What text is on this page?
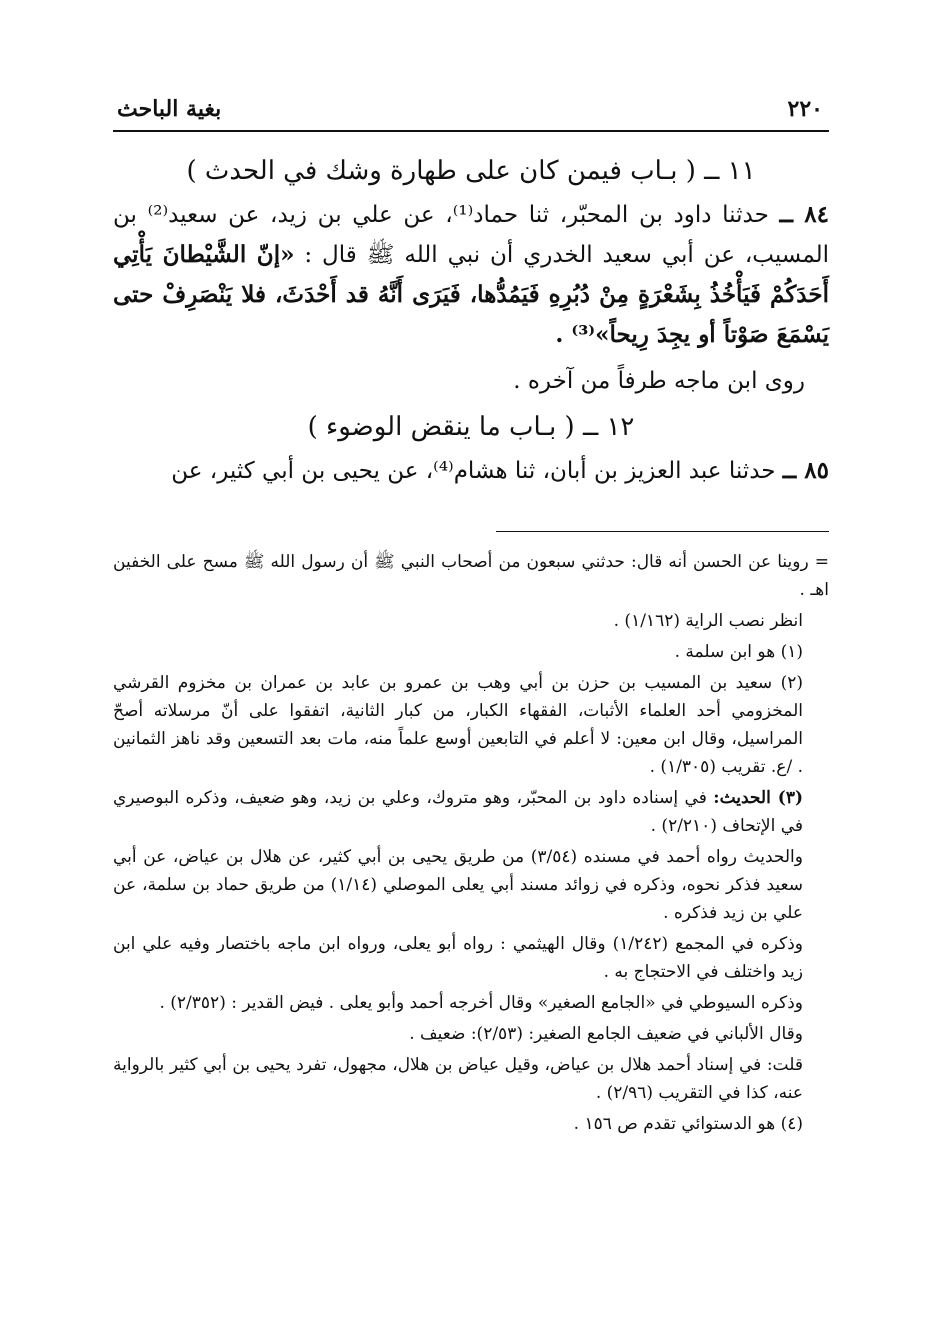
٢٢٠
بغية الباحث
١١ ــ ( بـاب فيمن كان على طهارة وشك في الحدث )

٨٤ ــ حدثنا داود بن المحبّر، ثنا حماد⁽¹⁾، عن علي بن زيد، عن سعيد⁽²⁾ بن المسيب، عن أبي سعيد الخدري أن نبي الله ﷺ قال : «إنّ الشَّيْطانَ يَأْتِي أَحَدَكُمْ فَيَأْخُذُ بِشَعْرَةٍ مِنْ دُبُرِهِ فَيَمُدُّها، فَيَرَى أَنَّهُ قد أَحْدَثَ، فلا يَنْصَرِفْ حتى يَسْمَعَ صَوْتاً أو يجِدَ رِيحاً»⁽³⁾ .

روى ابن ماجه طرفاً من آخره .

١٢ ــ ( بـاب ما ينقض الوضوء )

٨٥ ــ حدثنا عبد العزيز بن أبان، ثنا هشام⁽⁴⁾، عن يحيى بن أبي كثير، عن

= روينا عن الحسن أنه قال: حدثني سبعون من أصحاب النبي ﷺ أن رسول الله ﷺ مسح على الخفين اهـ .

انظر نصب الراية (١/١٦٢) .

(١) هو ابن سلمة .

(٢) سعيد بن المسيب بن حزن بن أبي وهب بن عمرو بن عابد بن عمران بن مخزوم القرشي المخزومي أحد العلماء الأثبات، الفقهاء الكبار، من كبار الثانية، اتفقوا على أنّ مرسلاته أصحّ المراسيل، وقال ابن معين: لا أعلم في التابعين أوسع علماً منه، مات بعد التسعين وقد ناهز الثمانين . /ع. تقريب (١/٣٠٥) .

(٣) الحديث: في إسناده داود بن المحبّر، وهو متروك، وعلي بن زيد، وهو ضعيف، وذكره البوصيري في الإتحاف (٢/٢١٠) .

والحديث رواه أحمد في مسنده (٣/٥٤) من طريق يحيى بن أبي كثير، عن هلال بن عياض، عن أبي سعيد فذكر نحوه، وذكره في زوائد مسند أبي يعلى الموصلي (١/١٤) من طريق حماد بن سلمة، عن علي بن زيد فذكره .

وذكره في المجمع (١/٢٤٢) وقال الهيثمي : رواه أبو يعلى، ورواه ابن ماجه باختصار وفيه علي ابن زيد واختلف في الاحتجاج به .

وذكره السيوطي في «الجامع الصغير» وقال أخرجه أحمد وأبو يعلى . فيض القدير : (٢/٣٥٢) .

وقال الألباني في ضعيف الجامع الصغير: (٢/٥٣): ضعيف .

قلت: في إسناد أحمد هلال بن عياض، وقيل عياض بن هلال، مجهول، تفرد يحيى بن أبي كثير بالرواية عنه، كذا في التقريب (٢/٩٦) .

(٤) هو الدستوائي تقدم ص ١٥٦ .
